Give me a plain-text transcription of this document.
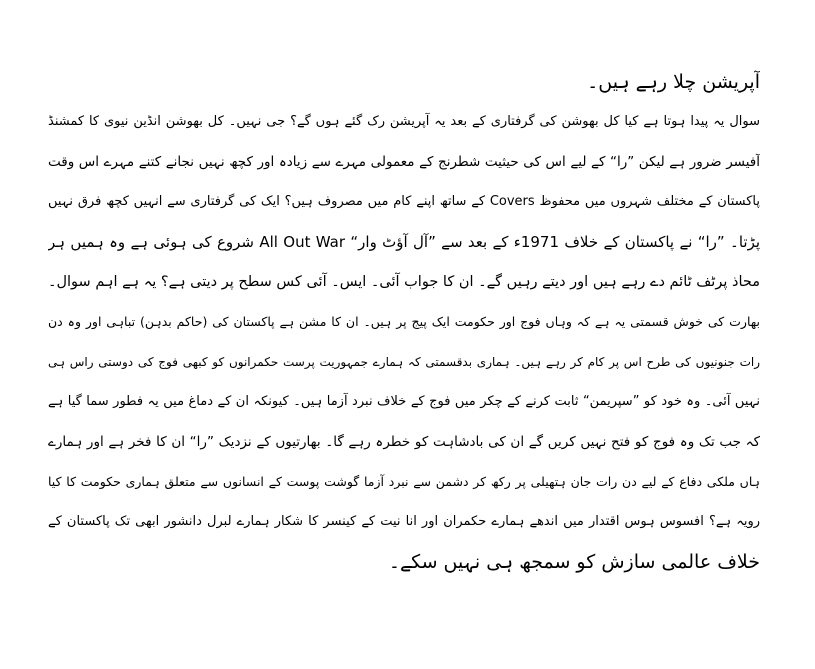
آپریشن چلا رہے ہیں۔
سوال یہ پیدا ہوتا ہے کیا کل بھوشن کی گرفتاری کے بعد یہ آپریشن رک گئے ہوں گے؟ جی نہیں۔ کل بھوشن انڈین نیوی کا کمشنڈ
آفیسر ضرور ہے لیکن ”را“ کے لیے اس کی حیثیت شطرنج کے معمولی مہرے سے زیادہ اور کچھ نہیں نجانے کتنے مہرے اس وقت
پاکستان کے مختلف شہروں میں محفوظ Covers کے ساتھ اپنے کام میں مصروف ہیں؟ ایک کی گرفتاری سے انہیں کچھ فرق نہیں
پڑتا۔ ”را“ نے پاکستان کے خلاف 1971ء کے بعد سے ”آل آؤٹ وار“ All Out War شروع کی ہوئی ہے وہ ہمیں ہر
محاذ پرٹف ٹائم دے رہے ہیں اور دیتے رہیں گے۔ ان کا جواب آئی۔ ایس۔ آئی کس سطح پر دیتی ہے؟ یہ ہے اہم سوال۔
بھارت کی خوش قسمتی یہ ہے کہ وہاں فوج اور حکومت ایک پیج پر ہیں۔ ان کا مشن ہے پاکستان کی (حاکم بدہن) تباہی اور وہ دن
رات جنونیوں کی طرح اس پر کام کر رہے ہیں۔ ہماری بدقسمتی کہ ہمارے جمہوریت پرست حکمرانوں کو کبھی فوج کی دوستی راس ہی
نہیں آئی۔ وہ خود کو ”سپریمن“ ثابت کرنے کے چکر میں فوج کے خلاف نبرد آزما ہیں۔ کیونکہ ان کے دماغ میں یہ فطور سما گیا ہے
کہ جب تک وہ فوج کو فتح نہیں کریں گے ان کی بادشاہت کو خطرہ رہے گا۔ بھارتیوں کے نزدیک ”را“ ان کا فخر ہے اور ہمارے
ہاں ملکی دفاع کے لیے دن رات جان ہتھیلی پر رکھ کر دشمن سے نبرد آزما گوشت پوست کے انسانوں سے متعلق ہماری حکومت کا کیا
رویہ ہے؟ افسوس ہوس اقتدار میں اندھے ہمارے حکمران اور انا نیت کے کینسر کا شکار ہمارے لبرل دانشور ابھی تک پاکستان کے
خلاف عالمی سازش کو سمجھ ہی نہیں سکے۔
